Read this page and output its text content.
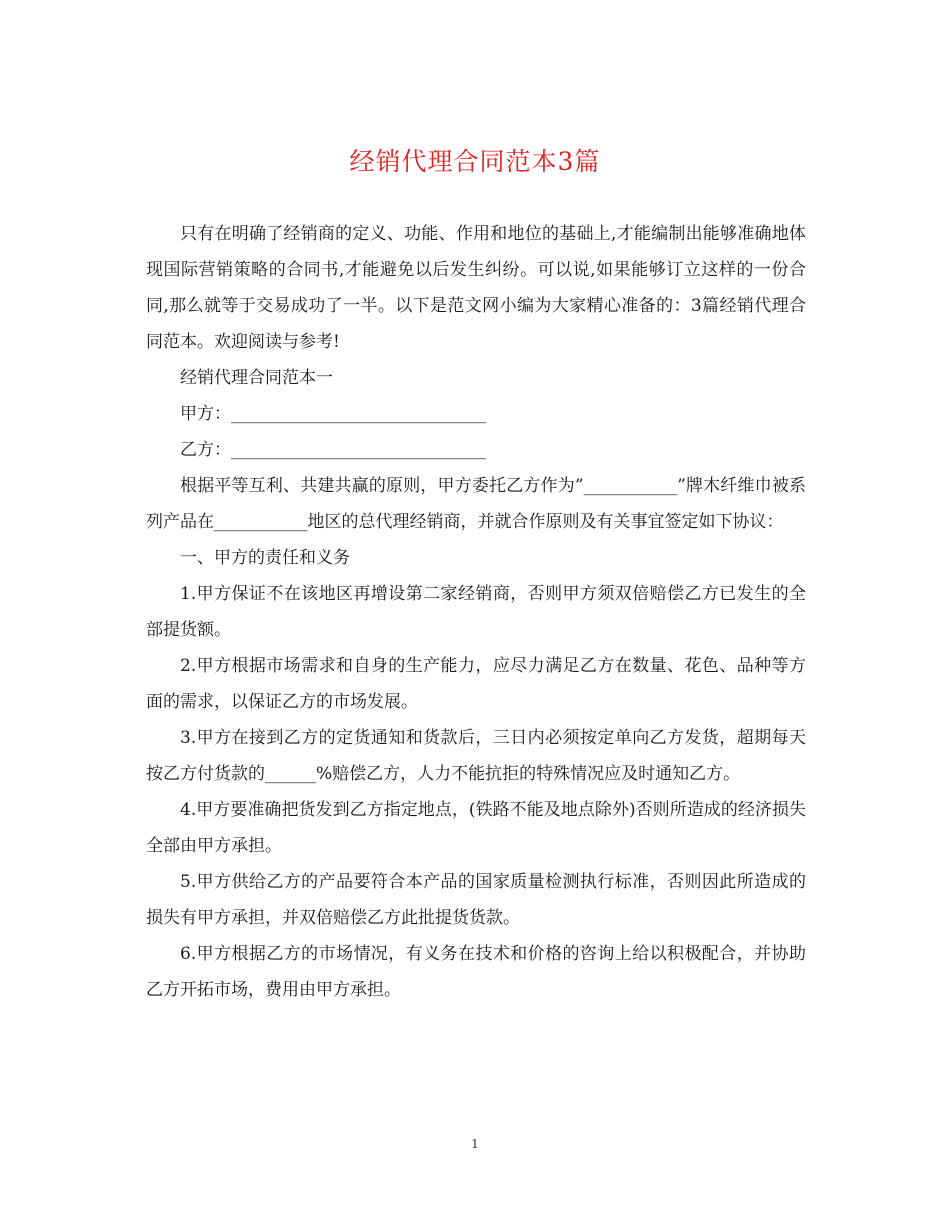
经销代理合同范本3篇

只有在明确了经销商的定义、功能、作用和地位的基础上,才能编制出能够准确地体现国际营销策略的合同书,才能避免以后发生纠纷。可以说,如果能够订立这样的一份合同,那么就等于交易成功了一半。以下是范文网小编为大家精心准备的：3篇经销代理合同范本。欢迎阅读与参考!

经销代理合同范本一

甲方：______________________________

乙方：______________________________

根据平等互利、共建共赢的原则，甲方委托乙方作为”___________”牌木纤维巾被系列产品在___________地区的总代理经销商，并就合作原则及有关事宜签定如下协议：

一、甲方的责任和义务

1.甲方保证不在该地区再增设第二家经销商，否则甲方须双倍赔偿乙方已发生的全部提货额。

2.甲方根据市场需求和自身的生产能力，应尽力满足乙方在数量、花色、品种等方面的需求，以保证乙方的市场发展。

3.甲方在接到乙方的定货通知和货款后，三日内必须按定单向乙方发货，超期每天按乙方付货款的______%赔偿乙方，人力不能抗拒的特殊情况应及时通知乙方。

4.甲方要准确把货发到乙方指定地点，(铁路不能及地点除外)否则所造成的经济损失全部由甲方承担。

5.甲方供给乙方的产品要符合本产品的国家质量检测执行标准，否则因此所造成的损失有甲方承担，并双倍赔偿乙方此批提货货款。

6.甲方根据乙方的市场情况，有义务在技术和价格的咨询上给以积极配合，并协助乙方开拓市场，费用由甲方承担。

1
